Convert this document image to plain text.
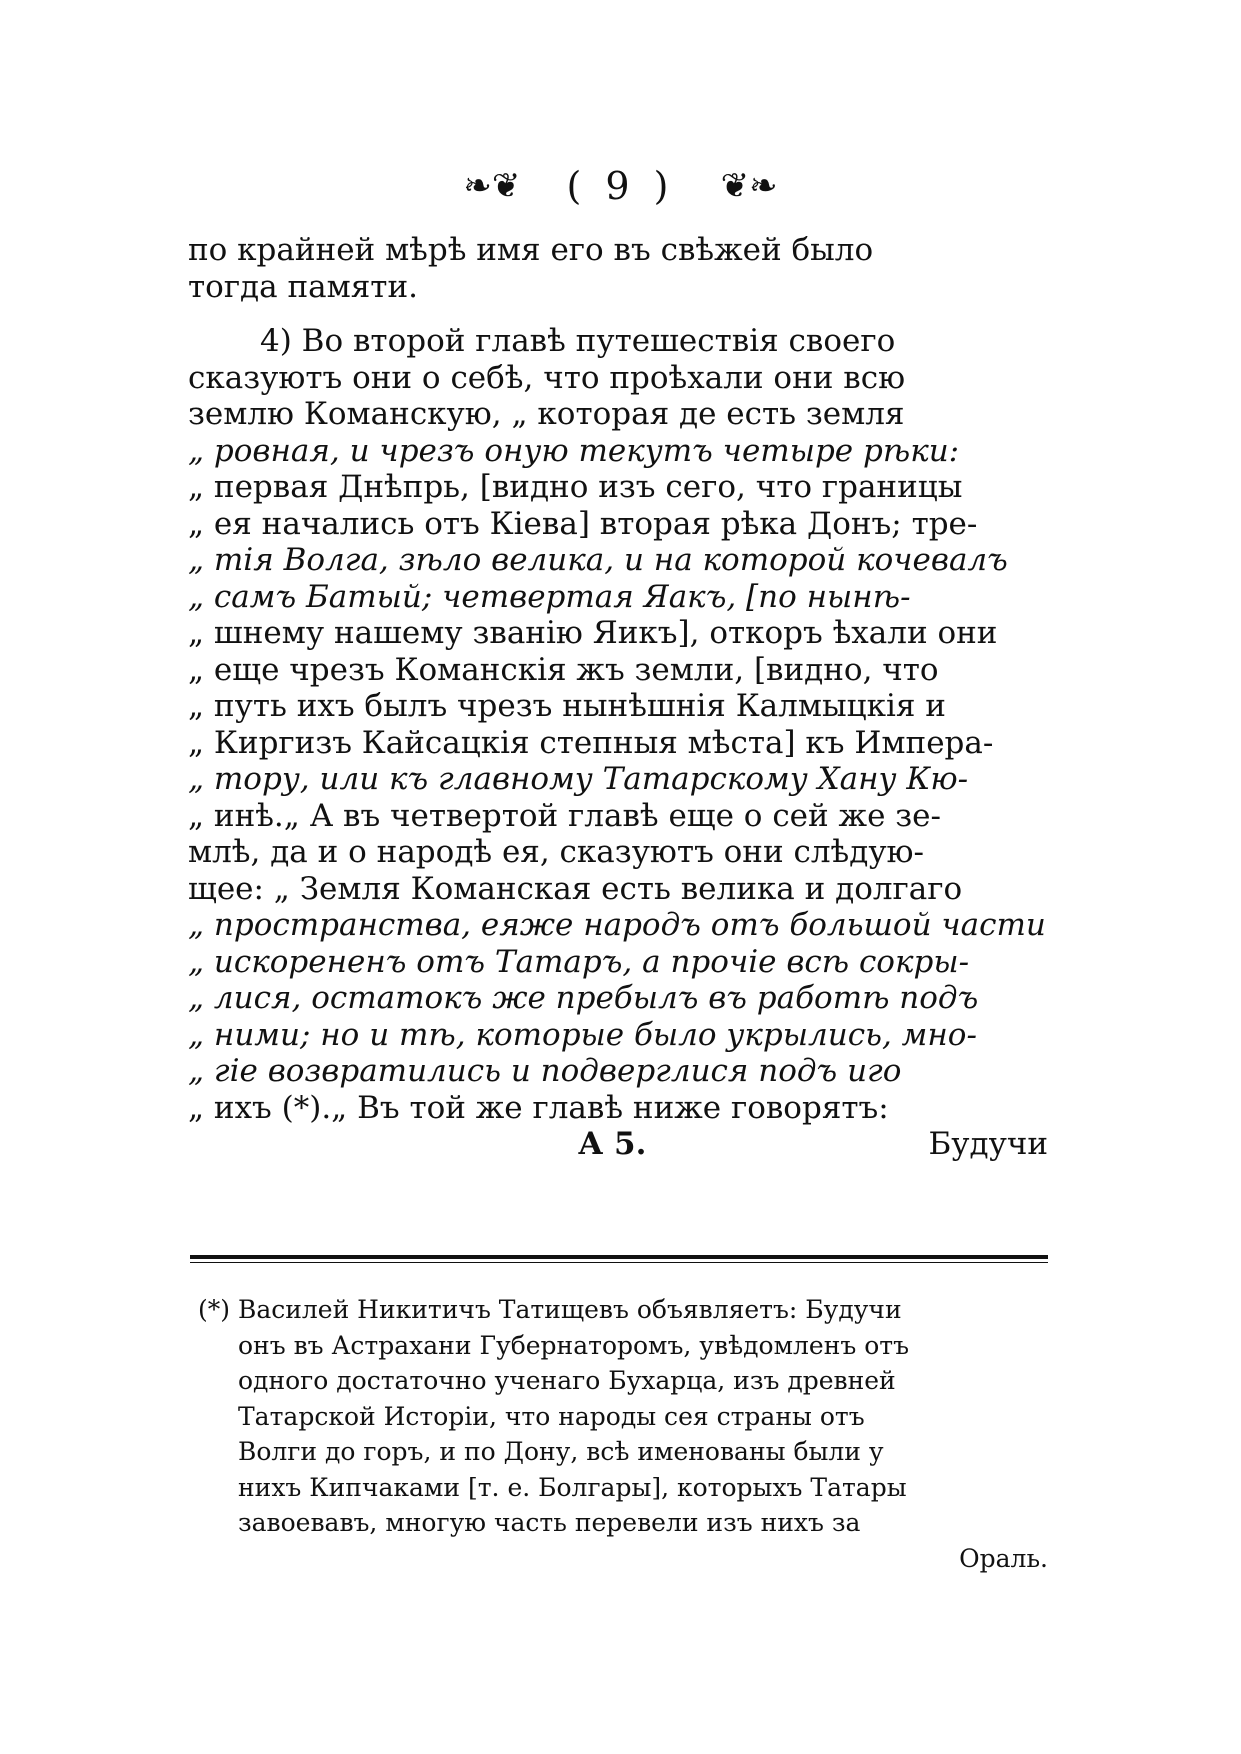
❧❦ ( 9 ) ❦❧
по крайней мѣрѣ имя его въ свѣжей было
тогда памяти.
4) Во второй главѣ путешествія своего
сказуютъ они о себѣ, что проѣхали они всю
землю Команскую, „ которая де есть земля
„ ровная, и чрезъ оную текутъ четыре рѣки:
„ первая Днѣпрь, [видно изъ сего, что границы
„ ея начались отъ Кіева] вторая рѣка Донъ; тре-
„ тія Волга, зѣло велика, и на которой кочевалъ
„ самъ Батый; четвертая Яакъ, [по нынѣ-
„ шнему нашему званію Яикъ], откоръ ѣхали они
„ еще чрезъ Команскія жъ земли, [видно, что
„ путь ихъ былъ чрезъ нынѣшнія Калмыцкія и
„ Киргизъ Кайсацкія степныя мѣста] къ Импера-
„ тору, или къ главному Татарскому Хану Кю-
„ инѣ.„ А въ четвертой главѣ еще о сей же зе-
млѣ, да и о народѣ ея, сказуютъ они слѣдую-
щее: „ Земля Команская есть велика и долгаго
„ пространства, еяже народъ отъ большой части
„ искорененъ отъ Татаръ, а прочіе всѣ сокры-
„ лися, остатокъ же пребылъ въ работѣ подъ
„ ними; но и тѣ, которые было укрылись, мно-
„ гіе возвратились и подверглися подъ иго
„ ихъ (*).„ Въ той же главѣ ниже говорятъ:
А 5.	Будучи
(*) Василей Никитичъ Татищевъ объявляетъ: Будучи
онъ въ Астрахани Губернаторомъ, увѣдомленъ отъ
одного достаточно ученаго Бухарца, изъ древней
Татарской Исторіи, что народы сея страны отъ
Волги до горъ, и по Дону, всѣ именованы были у
нихъ Кипчаками [т. е. Болгары], которыхъ Татары
завоевавъ, многую часть перевели изъ нихъ за
Ораль.
